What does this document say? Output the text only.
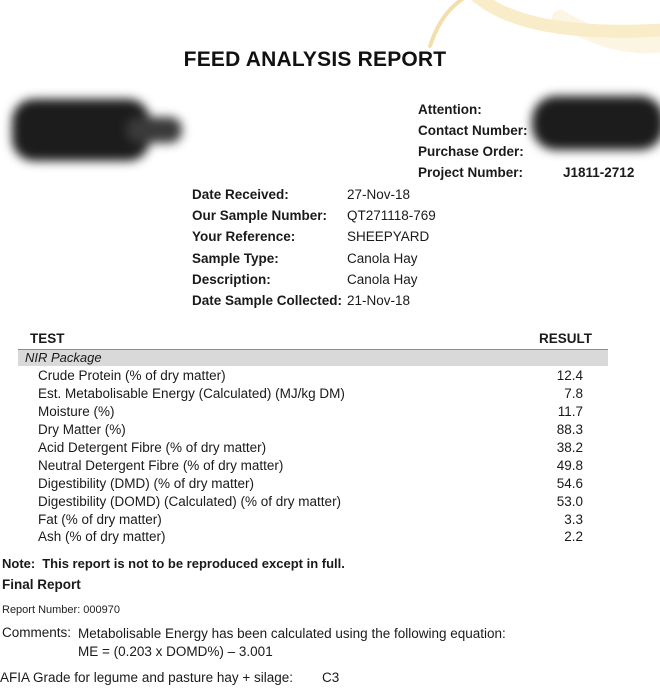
FEED ANALYSIS REPORT
Attention:
Contact Number:
Purchase Order:
Project Number:	J1811-2712
Date Received:	27-Nov-18
Our Sample Number:	QT271118-769
Your Reference:	SHEEPYARD
Sample Type:	Canola Hay
Description:	Canola Hay
Date Sample Collected: 21-Nov-18
TEST	RESULT
NIR Package
Crude Protein (% of dry matter)	12.4
Est. Metabolisable Energy (Calculated) (MJ/kg DM)	7.8
Moisture (%)	11.7
Dry Matter (%)	88.3
Acid Detergent Fibre (% of dry matter)	38.2
Neutral Detergent Fibre (% of dry matter)	49.8
Digestibility (DMD) (% of dry matter)	54.6
Digestibility (DOMD) (Calculated) (% of dry matter)	53.0
Fat (% of dry matter)	3.3
Ash (% of dry matter)	2.2
Note: This report is not to be reproduced except in full.
Final Report
Report Number: 000970
Comments: Metabolisable Energy has been calculated using the following equation:
ME = (0.203 x DOMD%) – 3.001
AFIA Grade for legume and pasture hay + silage: C3
